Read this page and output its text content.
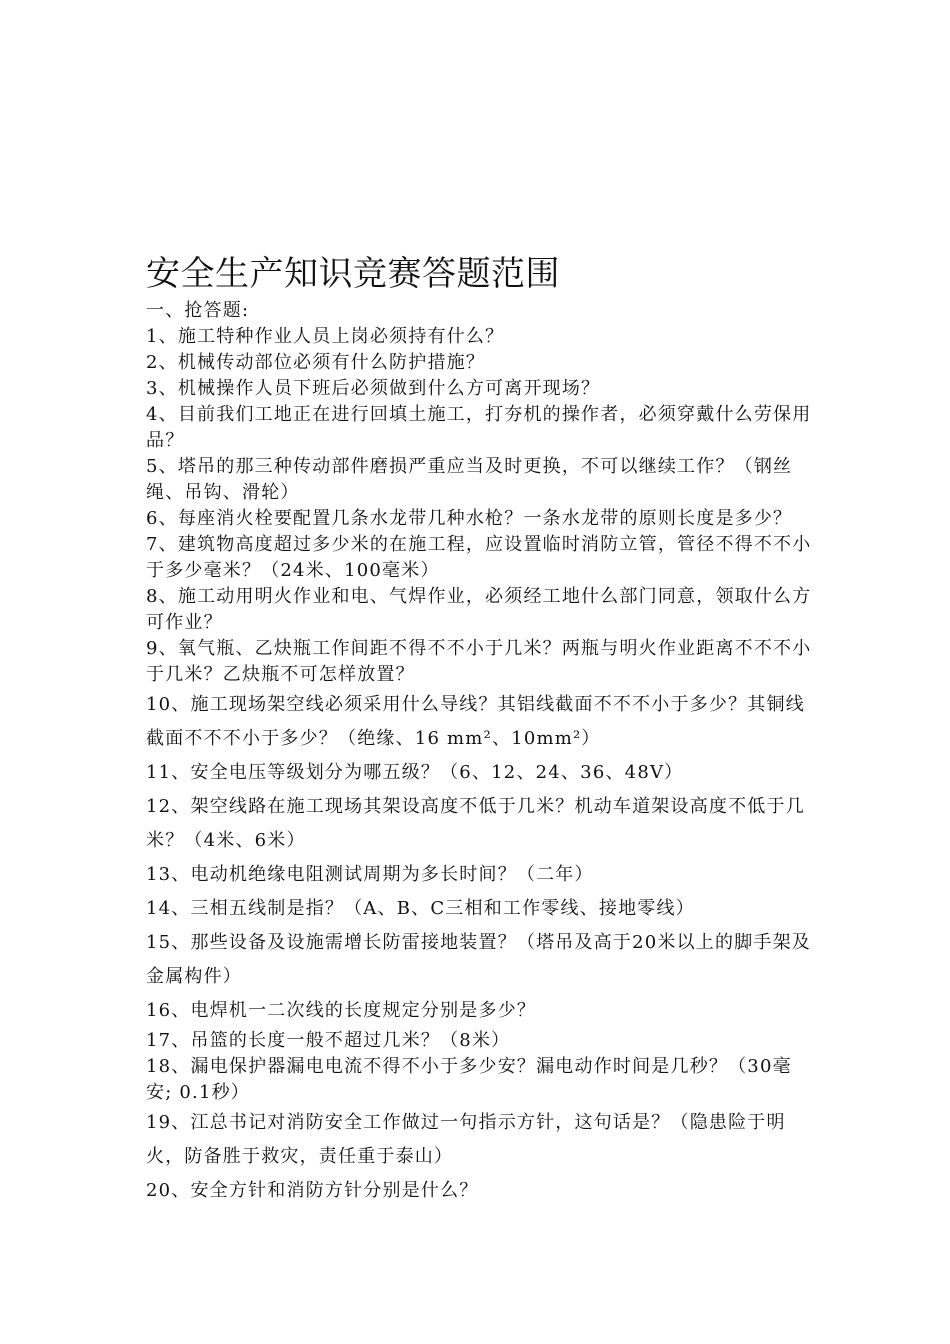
安全生产知识竞赛答题范围

一、抢答题:

1、施工特种作业人员上岗必须持有什么？

2、机械传动部位必须有什么防护措施？

3、机械操作人员下班后必须做到什么方可离开现场？

4、目前我们工地正在进行回填土施工，打夯机的操作者，必须穿戴什么劳保用品？

5、塔吊的那三种传动部件磨损严重应当及时更换，不可以继续工作？（钢丝绳、吊钩、滑轮）

6、每座消火栓要配置几条水龙带几种水枪？一条水龙带的原则长度是多少？

7、建筑物高度超过多少米的在施工程，应设置临时消防立管，管径不得不不小于多少毫米？（24米、100毫米）

8、施工动用明火作业和电、气焊作业，必须经工地什么部门同意，领取什么方可作业？

9、氧气瓶、乙炔瓶工作间距不得不不小于几米？两瓶与明火作业距离不不不小于几米？乙炔瓶不可怎样放置？

10、施工现场架空线必须采用什么导线？其铝线截面不不不小于多少？其铜线截面不不不小于多少？（绝缘、16 mm²、10mm²）

11、安全电压等级划分为哪五级？（6、12、24、36、48V）

12、架空线路在施工现场其架设高度不低于几米？机动车道架设高度不低于几米？（4米、6米）

13、电动机绝缘电阻测试周期为多长时间？（二年）

14、三相五线制是指？（A、B、C三相和工作零线、接地零线）

15、那些设备及设施需增长防雷接地装置？（塔吊及高于20米以上的脚手架及金属构件）

16、电焊机一二次线的长度规定分别是多少？

17、吊篮的长度一般不超过几米？（8米）

18、漏电保护器漏电电流不得不小于多少安？漏电动作时间是几秒？（30毫安; 0.1秒）

19、江总书记对消防安全工作做过一句指示方针，这句话是？（隐患险于明火，防备胜于救灾，责任重于泰山）

20、安全方针和消防方针分别是什么？
